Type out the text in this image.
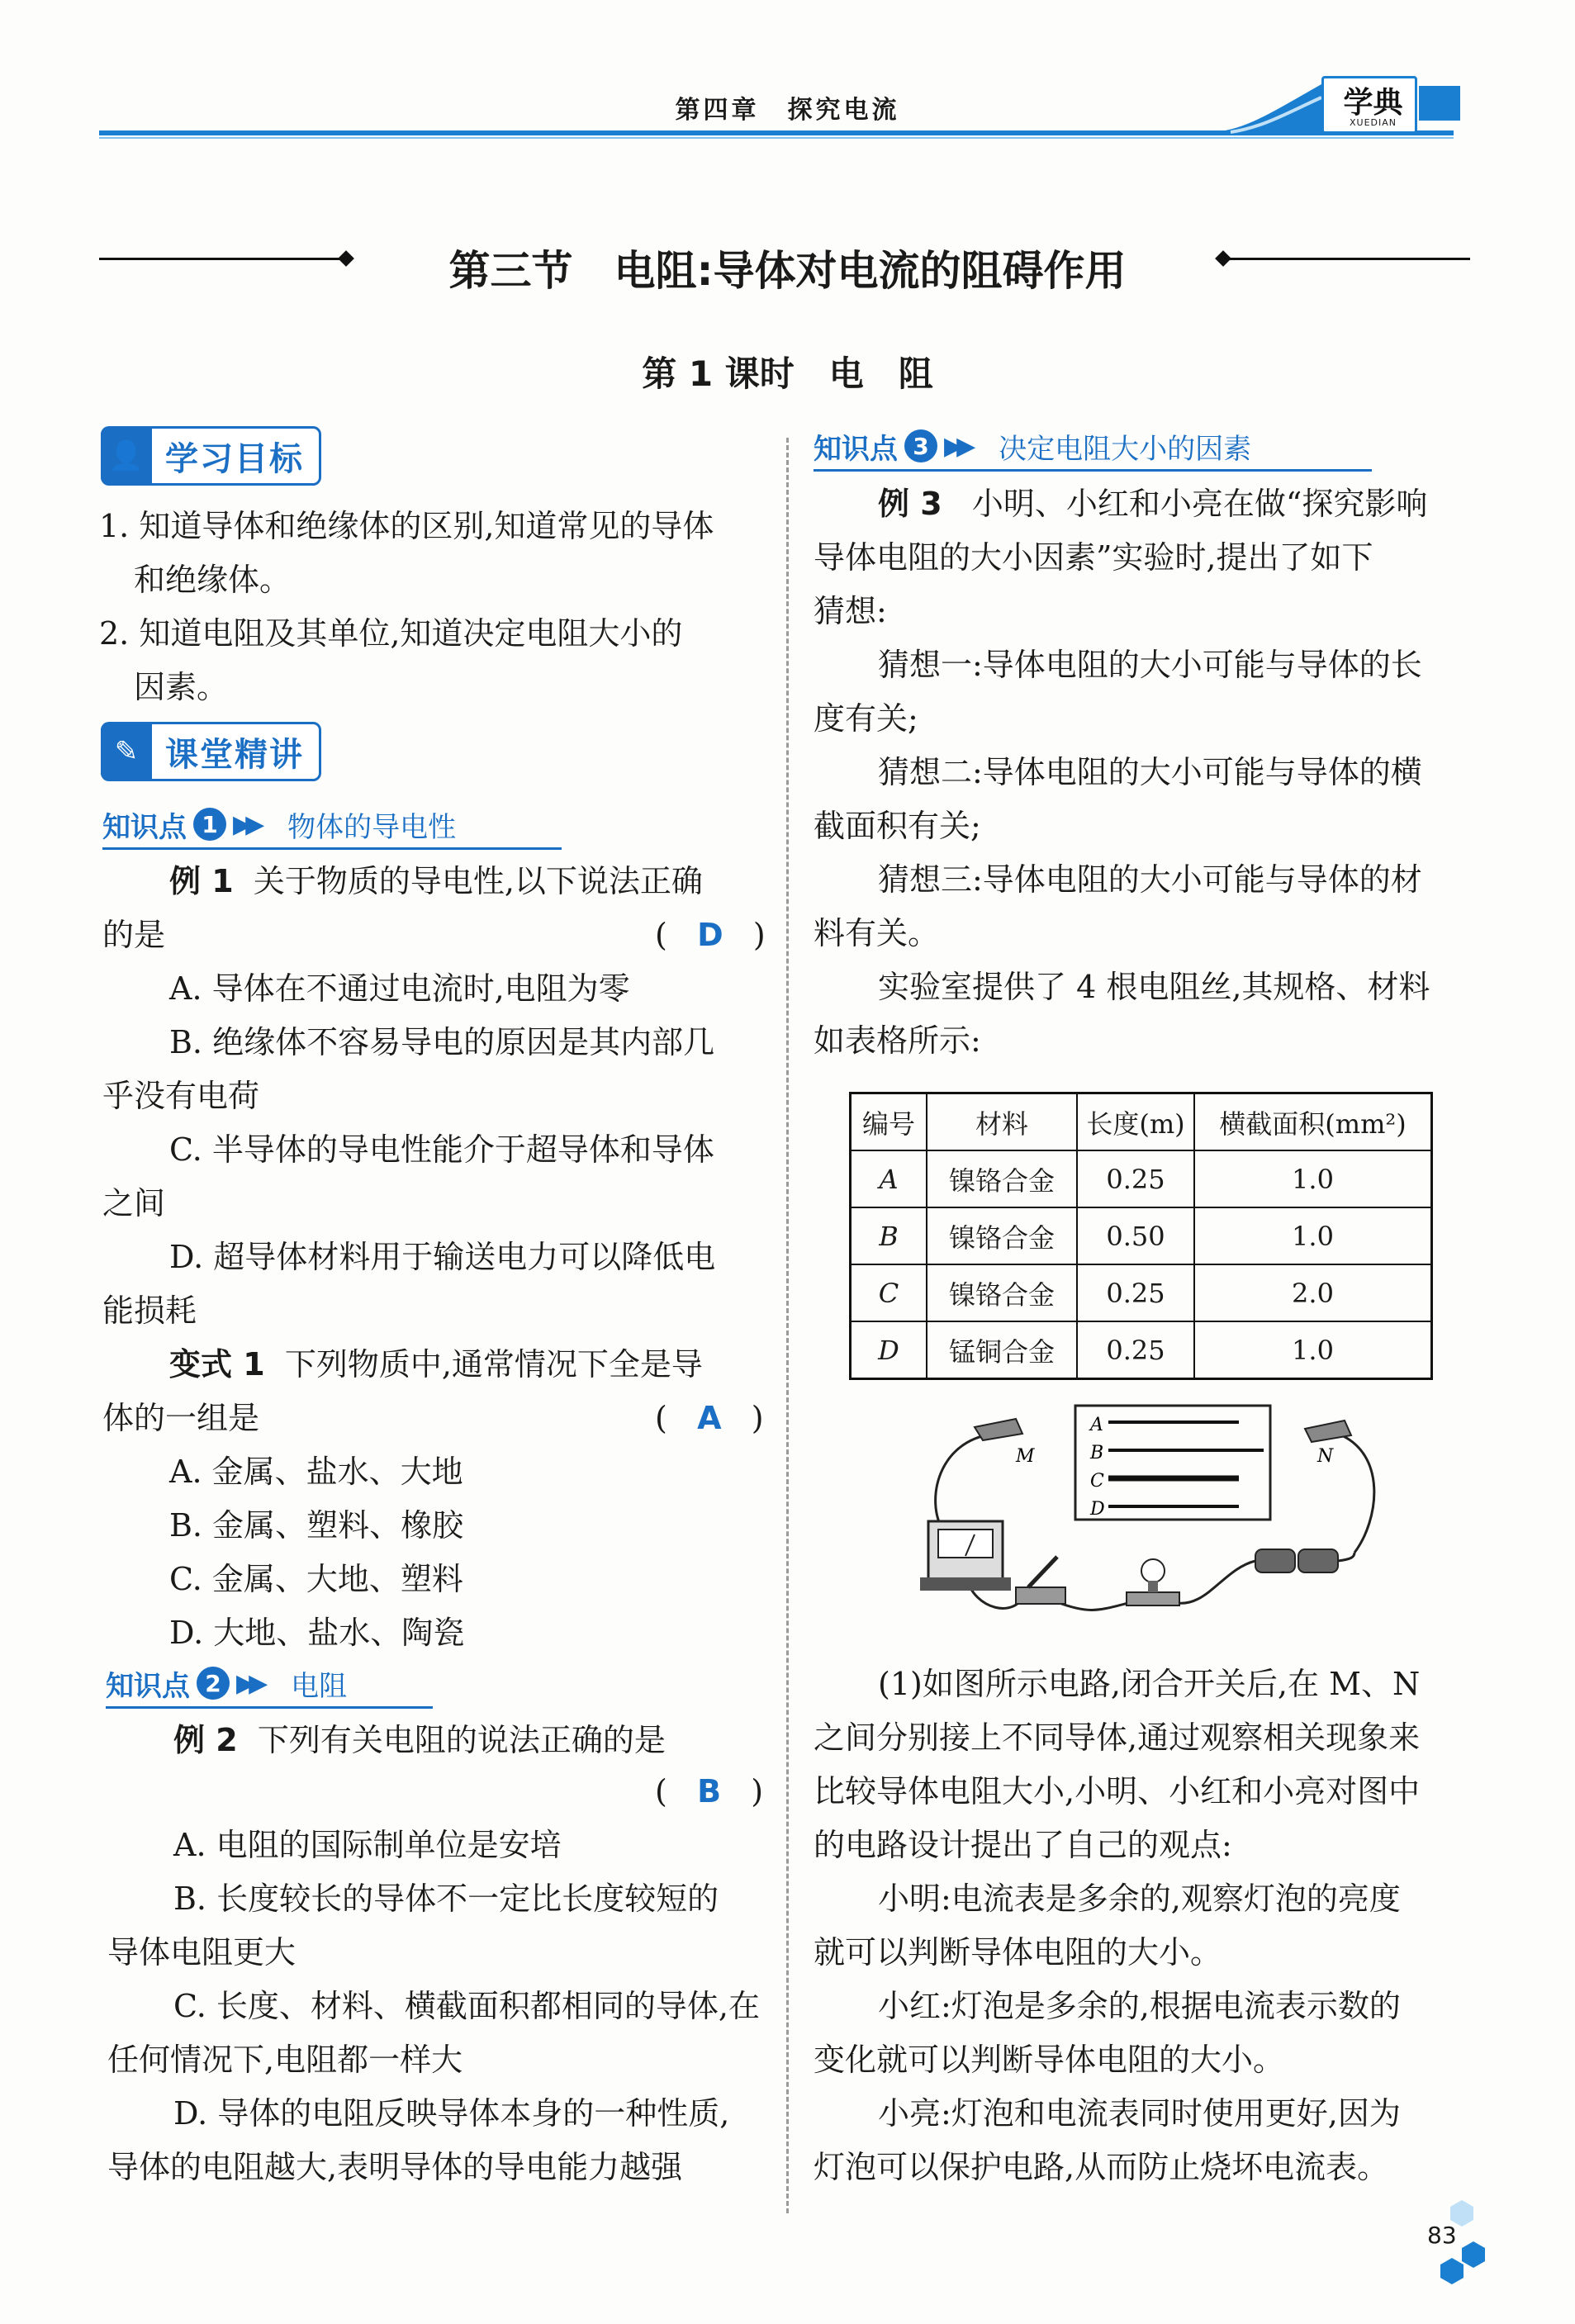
第四章　探究电流	学典
XUEDIAN
第三节　电阻:导体对电流的阻碍作用
第 1 课时　电　阻
👤 学习目标
1. 知道导体和绝缘体的区别,知道常见的导体
和绝缘体。
2. 知道电阻及其单位,知道决定电阻大小的
因素。
✎ 课堂精讲
知识点 1 ▶▶ 物体的导电性
例 1 关于物质的导电性,以下说法正确
的是	(   D   )
A. 导体在不通过电流时,电阻为零
B. 绝缘体不容易导电的原因是其内部几
乎没有电荷
C. 半导体的导电性能介于超导体和导体
之间
D. 超导体材料用于输送电力可以降低电
能损耗
变式 1 下列物质中,通常情况下全是导
体的一组是	(   A   )
A. 金属、盐水、大地
B. 金属、塑料、橡胶
C. 金属、大地、塑料
D. 大地、盐水、陶瓷
知识点 2 ▶▶ 电阻
例 2 下列有关电阻的说法正确的是
(   B   )
A. 电阻的国际制单位是安培
B. 长度较长的导体不一定比长度较短的
导体电阻更大
C. 长度、材料、横截面积都相同的导体,在
任何情况下,电阻都一样大
D. 导体的电阻反映导体本身的一种性质,
导体的电阻越大,表明导体的导电能力越强
知识点 3 ▶▶ 决定电阻大小的因素
例 3 小明、小红和小亮在做“探究影响
导体电阻的大小因素”实验时,提出了如下
猜想:
猜想一:导体电阻的大小可能与导体的长
度有关;
猜想二:导体电阻的大小可能与导体的横
截面积有关;
猜想三:导体电阻的大小可能与导体的材
料有关。
实验室提供了 4 根电阻丝,其规格、材料
如表格所示:
编号	材料	长度(m)	横截面积(mm²)
A	镍铬合金	0.25	1.0
B	镍铬合金	0.50	1.0
C	镍铬合金	0.25	2.0
D	锰铜合金	0.25	1.0
A
B
C
D
M	N
(1)如图所示电路,闭合开关后,在 M、N
之间分别接上不同导体,通过观察相关现象来
比较导体电阻大小,小明、小红和小亮对图中
的电路设计提出了自己的观点:
小明:电流表是多余的,观察灯泡的亮度
就可以判断导体电阻的大小。
小红:灯泡是多余的,根据电流表示数的
变化就可以判断导体电阻的大小。
小亮:灯泡和电流表同时使用更好,因为
灯泡可以保护电路,从而防止烧坏电流表。
83
